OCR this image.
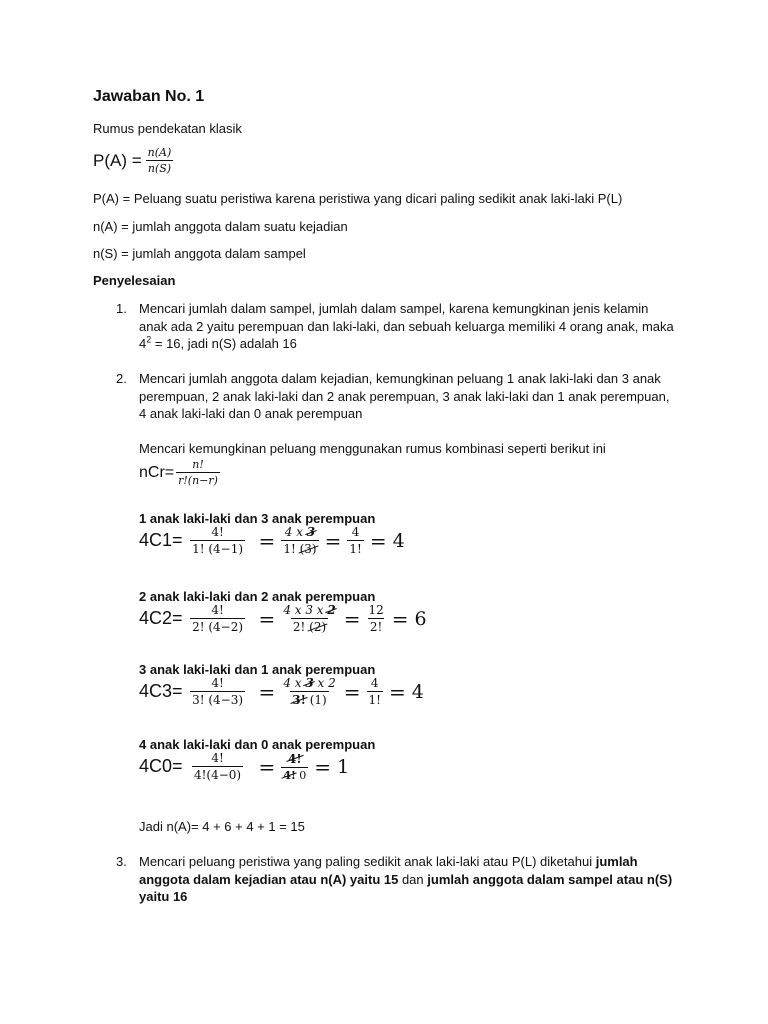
Jawaban No. 1
Rumus pendekatan klasik
$P(A) = \frac{n(A)}{n(S)}$
P(A) = Peluang suatu peristiwa karena peristiwa yang dicari paling sedikit anak laki-laki P(L)
n(A) = jumlah anggota dalam suatu kejadian
n(S) = jumlah anggota dalam sampel
Penyelesaian
1. Mencari jumlah dalam sampel, jumlah dalam sampel, karena kemungkinan jenis kelamin
anak ada 2 yaitu perempuan dan laki-laki, dan sebuah keluarga memiliki 4 orang anak, maka
$4^2 = 16$, jadi n(S) adalah 16
2. Mencari jumlah anggota dalam kejadian, kemungkinan peluang 1 anak laki-laki dan 3 anak
perempuan, 2 anak laki-laki dan 2 anak perempuan, 3 anak laki-laki dan 1 anak perempuan,
4 anak laki-laki dan 0 anak perempuan
Mencari kemungkinan peluang menggunakan rumus kombinasi seperti berikut ini
$nCr= \frac{n!}{r!(n-r)}$
1 anak laki-laki dan 3 anak perempuan
$4C1= \frac{4!}{1! (4-1)} = \frac{4 x 3}{1! (3)} = \frac{4}{1!} = 4$
2 anak laki-laki dan 2 anak perempuan
$4C2= \frac{4!}{2! (4-2)} = \frac{4 x 3 x 2}{2! (2)} = \frac{12}{2!} = 6$
3 anak laki-laki dan 1 anak perempuan
$4C3= \frac{4!}{3! (4-3)} = \frac{4 x 3 x 2}{3! (1)} = \frac{4}{1!} = 4$
4 anak laki-laki dan 0 anak perempuan
$4C0= \frac{4!}{4!(4-0)} = \frac{4!}{4! 0} = 1$
Jadi n(A)= 4 + 6 + 4 + 1 = 15
3. Mencari peluang peristiwa yang paling sedikit anak laki-laki atau P(L) diketahui jumlah
anggota dalam kejadian atau n(A) yaitu 15 dan jumlah anggota dalam sampel atau n(S)
yaitu 16
